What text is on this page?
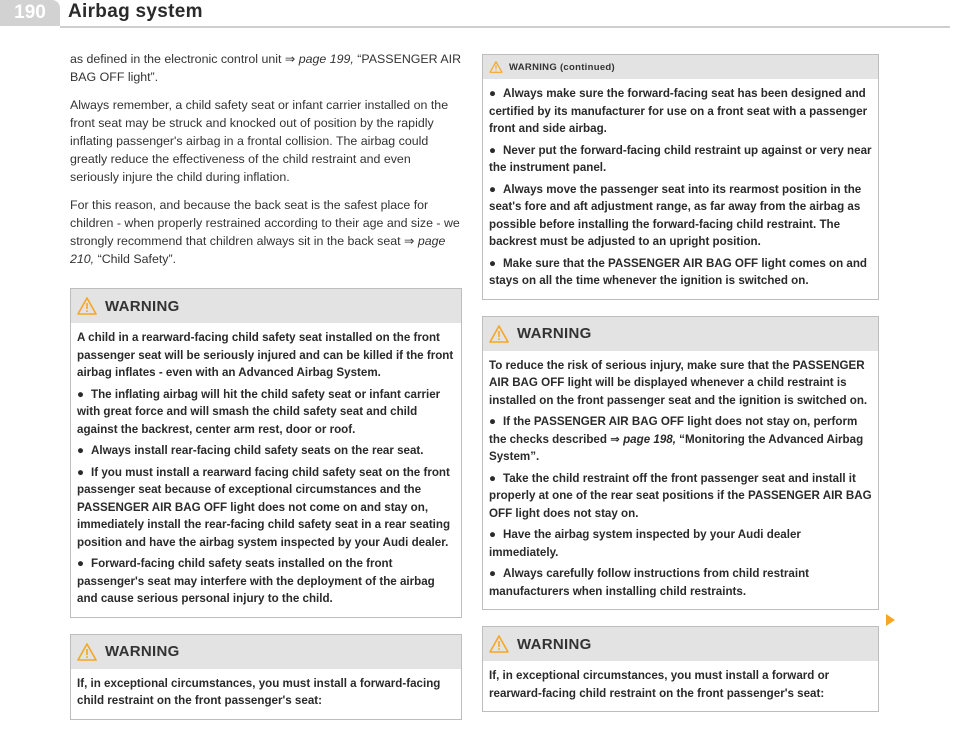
190	Airbag system

as defined in the electronic control unit ⇒ page 199, “PASSENGER AIR BAG OFF light”.

Always remember, a child safety seat or infant carrier installed on the front seat may be struck and knocked out of position by the rapidly inflating passenger's airbag in a frontal collision. The airbag could greatly reduce the effectiveness of the child restraint and even seriously injure the child during inflation.

For this reason, and because the back seat is the safest place for children - when properly restrained according to their age and size - we strongly recommend that children always sit in the back seat ⇒ page 210, “Child Safety”.

WARNING

A child in a rearward-facing child safety seat installed on the front passenger seat will be seriously injured and can be killed if the front airbag inflates - even with an Advanced Airbag System.

● The inflating airbag will hit the child safety seat or infant carrier with great force and will smash the child safety seat and child against the backrest, center arm rest, door or roof.

● Always install rear-facing child safety seats on the rear seat.

● If you must install a rearward facing child safety seat on the front passenger seat because of exceptional circumstances and the PASSENGER AIR BAG OFF light does not come on and stay on, immediately install the rear-facing child safety seat in a rear seating position and have the airbag system inspected by your Audi dealer.

● Forward-facing child safety seats installed on the front passenger's seat may interfere with the deployment of the airbag and cause serious personal injury to the child.

WARNING

If, in exceptional circumstances, you must install a forward-facing child restraint on the front passenger's seat:

WARNING (continued)

● Always make sure the forward-facing seat has been designed and certified by its manufacturer for use on a front seat with a passenger front and side airbag.

● Never put the forward-facing child restraint up against or very near the instrument panel.

● Always move the passenger seat into its rearmost position in the seat's fore and aft adjustment range, as far away from the airbag as possible before installing the forward-facing child restraint. The backrest must be adjusted to an upright position.

● Make sure that the PASSENGER AIR BAG OFF light comes on and stays on all the time whenever the ignition is switched on.

WARNING

To reduce the risk of serious injury, make sure that the PASSENGER AIR BAG OFF light will be displayed whenever a child restraint is installed on the front passenger seat and the ignition is switched on.

● If the PASSENGER AIR BAG OFF light does not stay on, perform the checks described ⇒ page 198, “Monitoring the Advanced Airbag System”.

● Take the child restraint off the front passenger seat and install it properly at one of the rear seat positions if the PASSENGER AIR BAG OFF light does not stay on.

● Have the airbag system inspected by your Audi dealer immediately.

● Always carefully follow instructions from child restraint manufacturers when installing child restraints.

WARNING

If, in exceptional circumstances, you must install a forward or rearward-facing child restraint on the front passenger's seat:
